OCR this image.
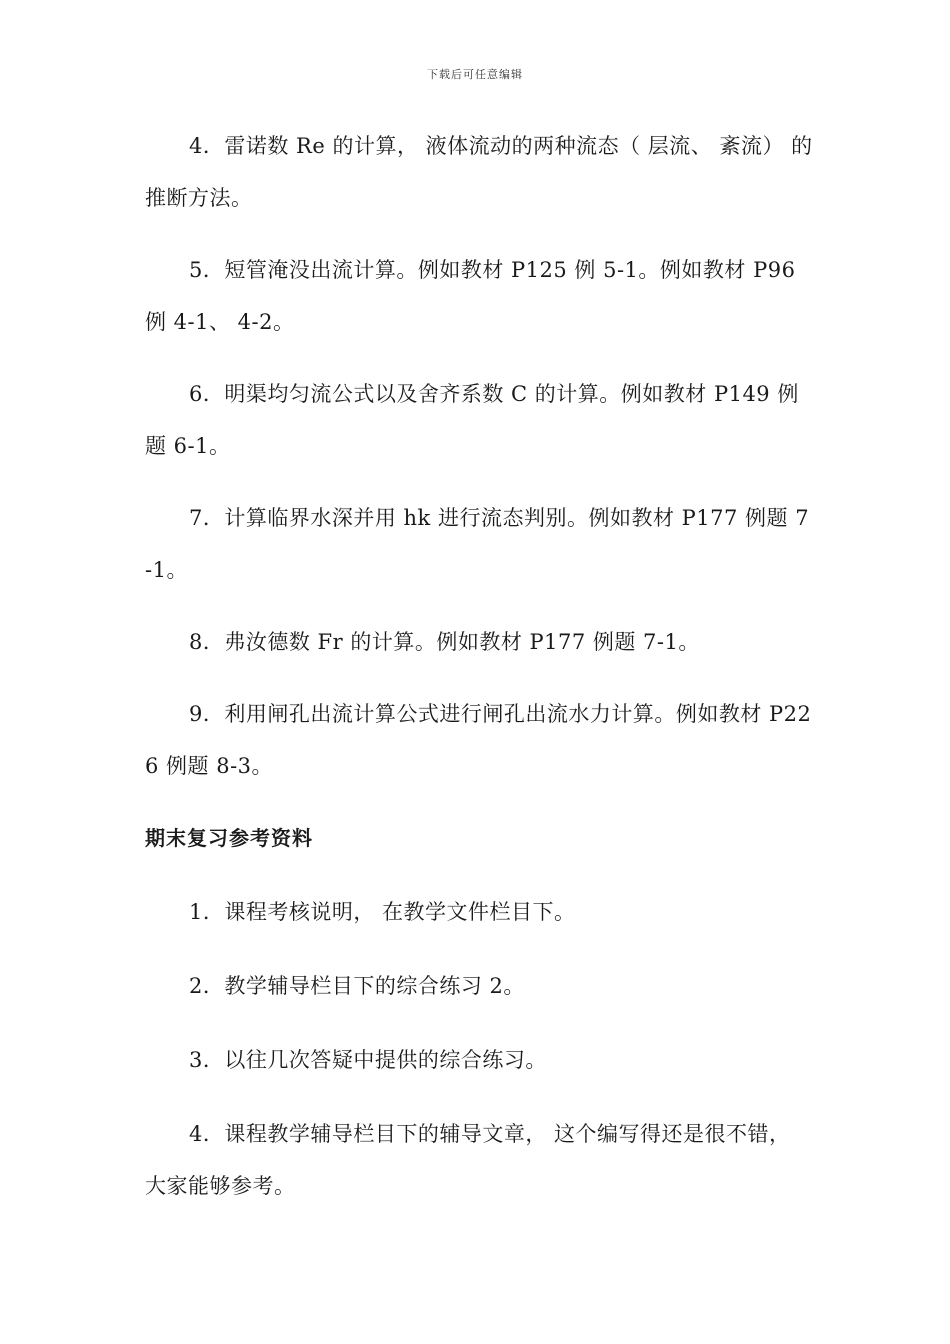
下载后可任意编辑

4．雷诺数 Re 的计算， 液体流动的两种流态（ 层流、 紊流） 的推断方法。

5．短管淹没出流计算。例如教材 P125 例 5-1。例如教材 P96 例 4-1、 4-2。

6．明渠均匀流公式以及舍齐系数 C 的计算。例如教材 P149 例题 6-1。

7．计算临界水深并用 hk 进行流态判别。例如教材 P177 例题 7-1。

8．弗汝德数 Fr 的计算。例如教材 P177 例题 7-1。

9．利用闸孔出流计算公式进行闸孔出流水力计算。例如教材 P226 例题 8-3。

期末复习参考资料

1．课程考核说明， 在教学文件栏目下。

2．教学辅导栏目下的综合练习 2。

3．以往几次答疑中提供的综合练习。

4．课程教学辅导栏目下的辅导文章， 这个编写得还是很不错， 大家能够参考。
